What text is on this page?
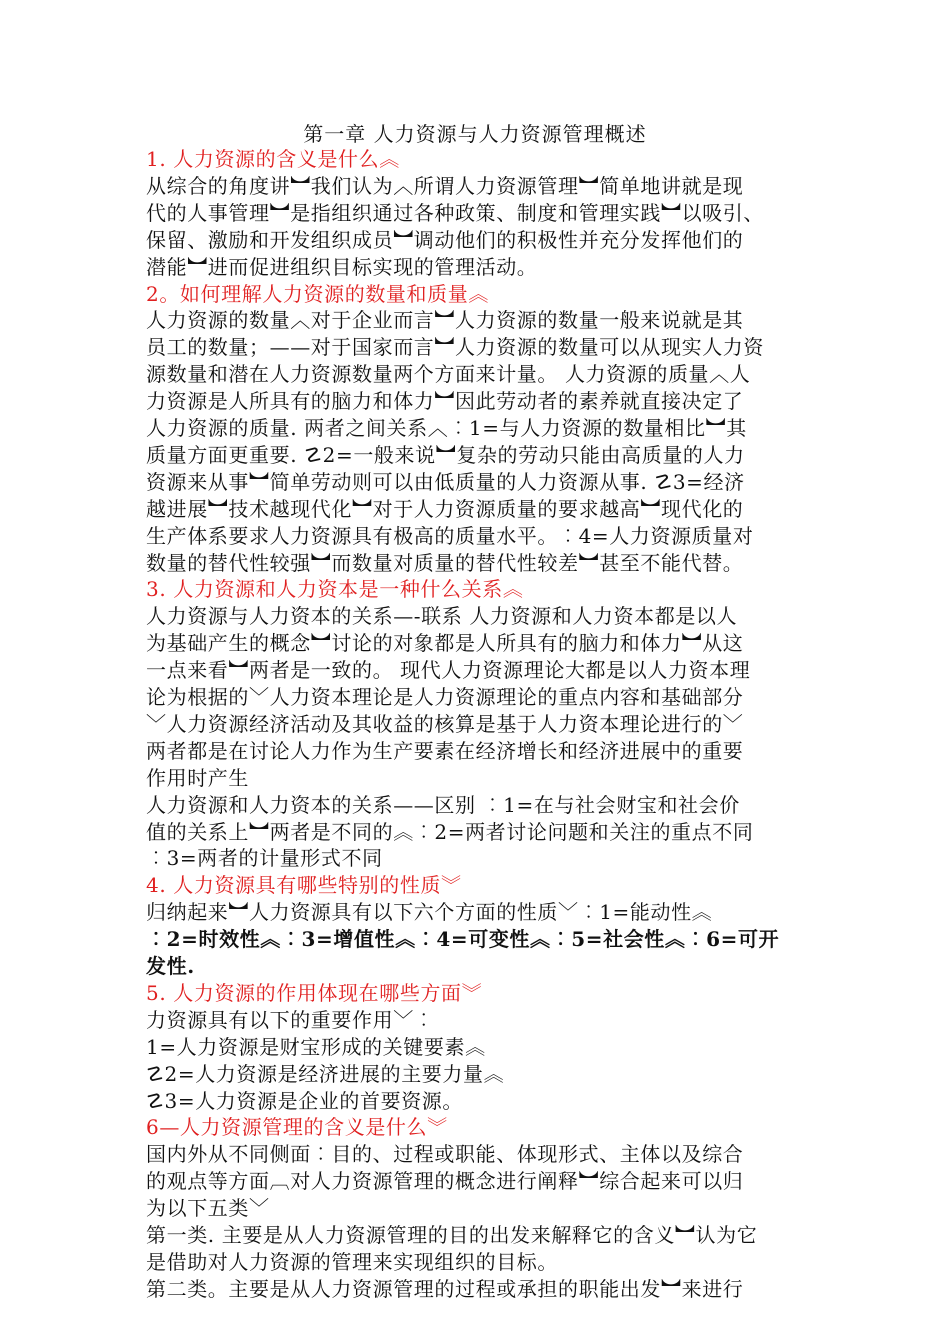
第一章 人力资源与人力资源管理概述
1. 人力资源的含义是什么︽
从综合的角度讲︼我们认为︿所谓人力资源管理︼简单地讲就是现
代的人事管理︼是指组织通过各种政策、制度和管理实践︼以吸引、
保留、激励和开发组织成员︼调动他们的积极性并充分发挥他们的
潜能︼进而促进组织目标实现的管理活动。
2。如何理解人力资源的数量和质量︽
人力资源的数量︿对于企业而言︼人力资源的数量一般来说就是其
员工的数量；——对于国家而言︼人力资源的数量可以从现实人力资
源数量和潜在人力资源数量两个方面来计量。 人力资源的质量︿人
力资源是人所具有的脑力和体力︼因此劳动者的素养就直接决定了
人力资源的质量. 两者之间关系︿︰1=与人力资源的数量相比︼其
质量方面更重要. ☡2=一般来说︼复杂的劳动只能由高质量的人力
资源来从事︼简单劳动则可以由低质量的人力资源从事. ☡3=经济
越进展︼技术越现代化︼对于人力资源质量的要求越高︼现代化的
生产体系要求人力资源具有极高的质量水平。︰4=人力资源质量对
数量的替代性较强︼而数量对质量的替代性较差︼甚至不能代替。
3. 人力资源和人力资本是一种什么关系︽
人力资源与人力资本的关系—-联系 人力资源和人力资本都是以人
为基础产生的概念︼讨论的对象都是人所具有的脑力和体力︼从这
一点来看︼两者是一致的。 现代人力资源理论大都是以人力资本理
论为根据的﹀人力资本理论是人力资源理论的重点内容和基础部分
﹀人力资源经济活动及其收益的核算是基于人力资本理论进行的﹀
两者都是在讨论人力作为生产要素在经济增长和经济进展中的重要
作用时产生
人力资源和人力资本的关系——区别 ︰1=在与社会财宝和社会价
值的关系上︼两者是不同的︽︰2=两者讨论问题和关注的重点不同
︰3=两者的计量形式不同
4. 人力资源具有哪些特别的性质︾
归纳起来︼人力资源具有以下六个方面的性质﹀︰1=能动性︽
︰2=时效性︽︰3=增值性︽︰4=可变性︽︰5=社会性︽︰6=可开
发性.
5. 人力资源的作用体现在哪些方面︾
力资源具有以下的重要作用﹀︰
1=人力资源是财宝形成的关键要素︽
☡2=人力资源是经济进展的主要力量︽
☡3=人力资源是企业的首要资源。
6—人力资源管理的含义是什么︾
国内外从不同侧面︰目的、过程或职能、体现形式、主体以及综合
的观点等方面︹对人力资源管理的概念进行阐释︼综合起来可以归
为以下五类﹀
第一类. 主要是从人力资源管理的目的出发来解释它的含义︼认为它
是借助对人力资源的管理来实现组织的目标。
第二类。主要是从人力资源管理的过程或承担的职能出发︼来进行
